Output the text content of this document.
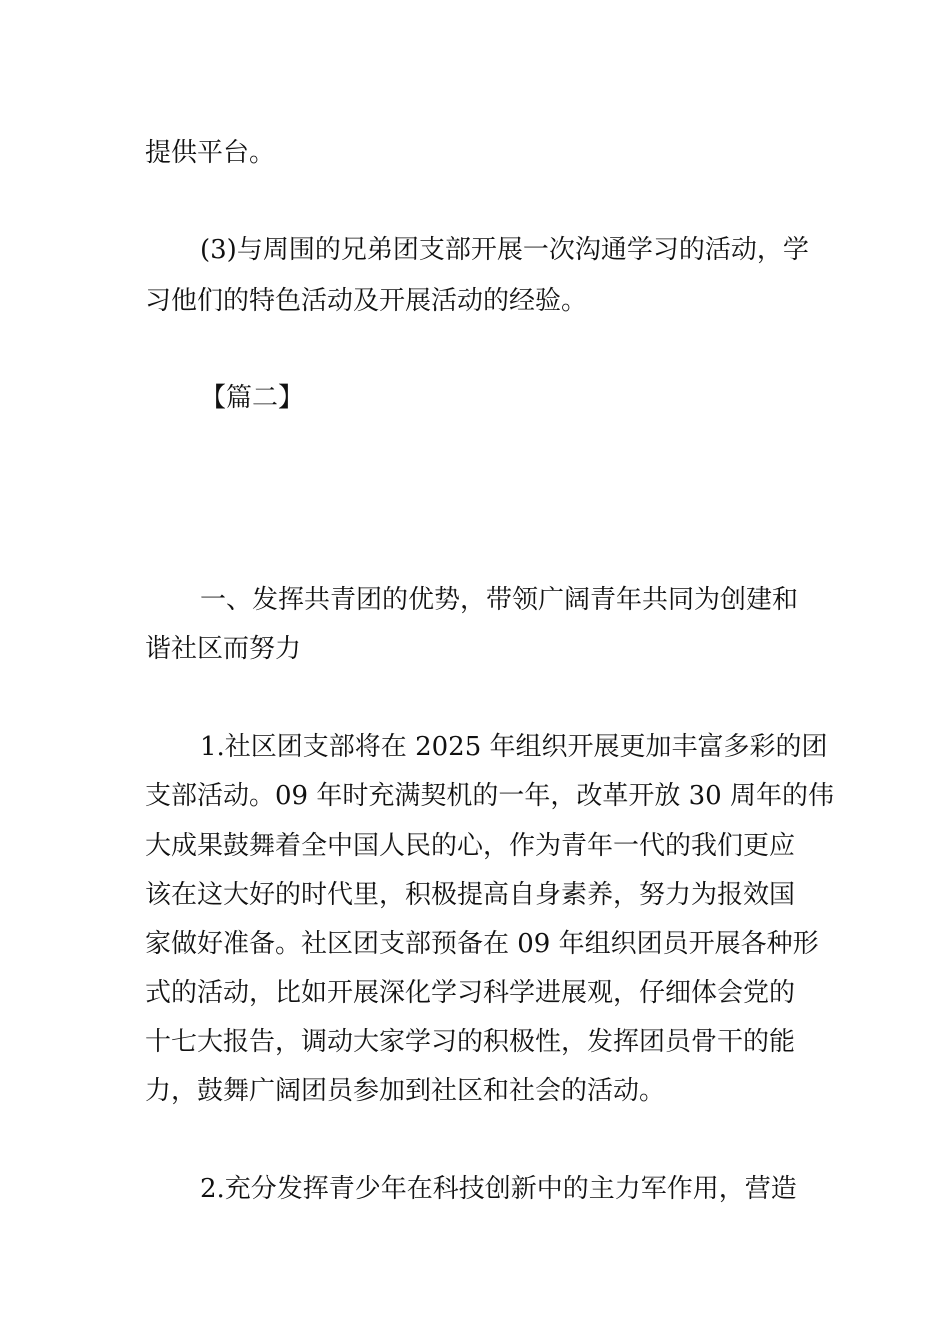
提供平台。
(3)与周围的兄弟团支部开展一次沟通学习的活动，学
习他们的特色活动及开展活动的经验。
【篇二】
一、发挥共青团的优势，带领广阔青年共同为创建和
谐社区而努力
1.社区团支部将在 2025 年组织开展更加丰富多彩的团
支部活动。09 年时充满契机的一年，改革开放 30 周年的伟
大成果鼓舞着全中国人民的心，作为青年一代的我们更应
该在这大好的时代里，积极提高自身素养，努力为报效国
家做好准备。社区团支部预备在 09 年组织团员开展各种形
式的活动，比如开展深化学习科学进展观，仔细体会党的
十七大报告，调动大家学习的积极性，发挥团员骨干的能
力，鼓舞广阔团员参加到社区和社会的活动。
2.充分发挥青少年在科技创新中的主力军作用，营造
